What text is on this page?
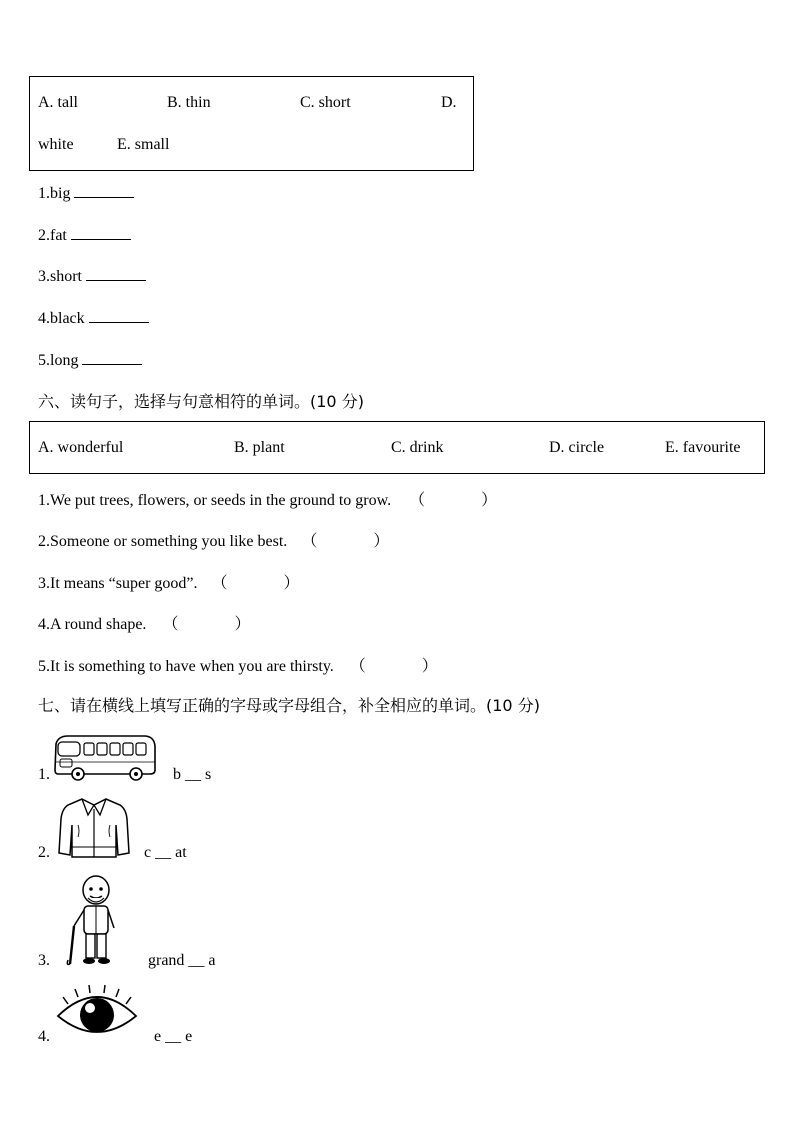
A. tall	B. thin	C. short	D.
white	E. small
1.big
2.fat
3.short
4.black
5.long
六、读句子，选择与句意相符的单词。(10 分)
A. wonderful	B. plant	C. drink	D. circle	E. favourite
1.We put trees, flowers, or seeds in the ground to grow. （              ）
2.Someone or something you like best. （              ）
3.It means “super good”. （              ）
4.A round shape. （              ）
5.It is something to have when you are thirsty. （              ）
七、请在横线上填写正确的字母或字母组合，补全相应的单词。(10 分)
1.	b __ s
2.	c __ at
3.	grand __ a
4.	e __ e
